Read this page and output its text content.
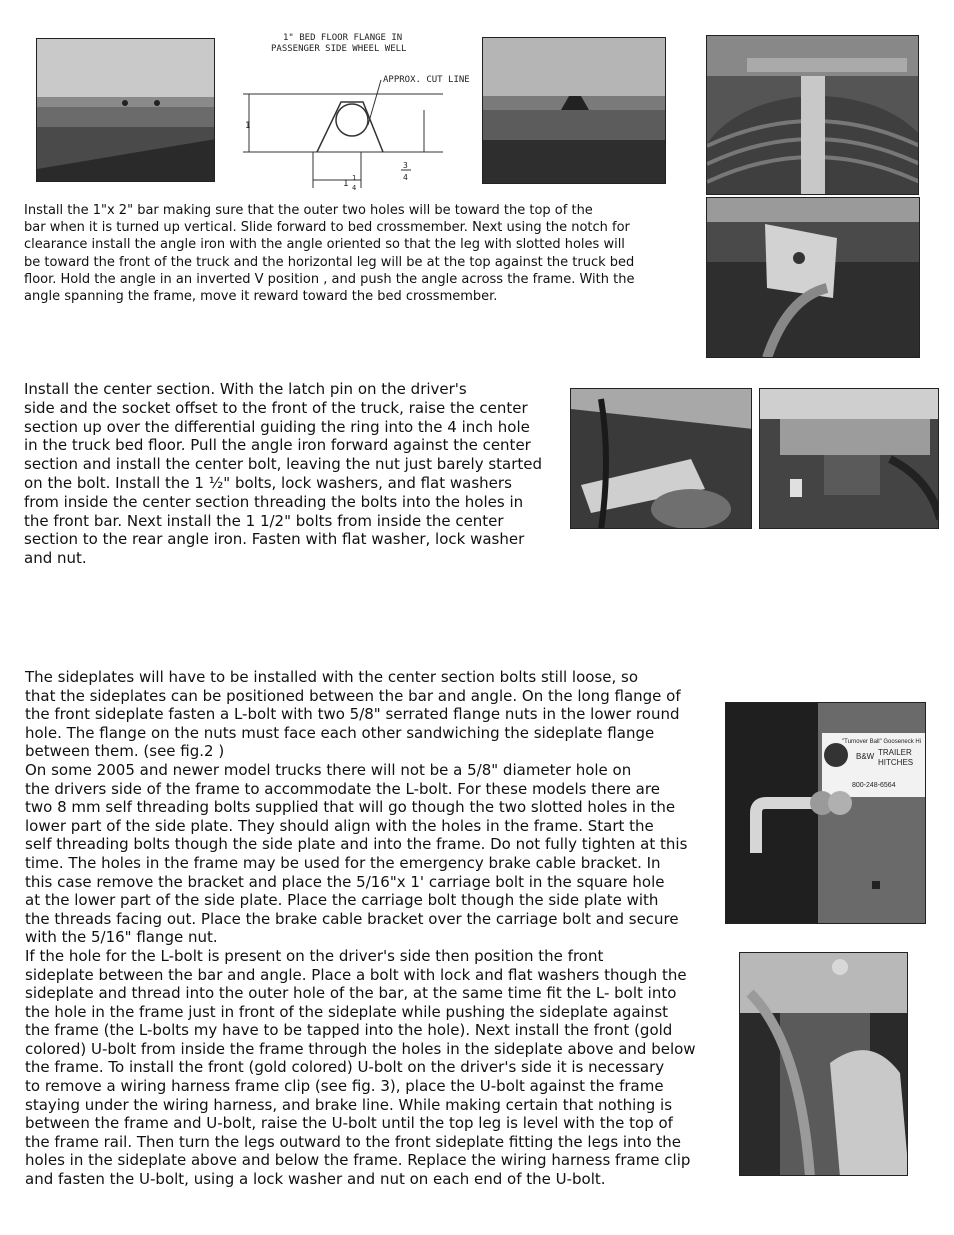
1" BED FLOOR FLANGE IN
PASSENGER SIDE WHEEL WELL
APPROX. CUT LINE
1
3
4
1
1
4

Install the 1"x 2" bar making sure that the outer two holes will be toward the top of the
bar when it is turned up vertical. Slide forward to bed crossmember. Next using the notch for
clearance install the angle iron with the angle oriented so that the leg with slotted holes will
be toward the front of the truck and the horizontal leg will be at the top against the truck bed
floor. Hold the angle in an inverted V position , and push the angle across the frame. With the
angle spanning the frame, move it reward toward the bed crossmember.

Install the center section. With the latch pin on the driver's
side and the socket offset to the front of the truck, raise the center
section up over the differential guiding the ring into the 4 inch hole
in the truck bed floor. Pull the angle iron forward against the center
section and install the center bolt, leaving the nut just barely started
on the bolt. Install the 1 ½" bolts, lock washers, and flat washers
from inside the center section threading the bolts into the holes in
the front bar. Next install the 1 1/2" bolts from inside the center
section to the rear angle iron. Fasten with flat washer, lock washer
and nut.

"Turnover Ball" Gooseneck Hi
B&W TRAILER
HITCHES
800-248-6564

The sideplates will have to be installed with the center section bolts still loose, so
that the sideplates can be positioned between the bar and angle. On the long flange of
the front sideplate fasten a L-bolt with two 5/8" serrated flange nuts in the lower round
hole. The flange on the nuts must face each other sandwiching the sideplate flange
between them. (see fig.2 )
On some 2005 and newer model trucks there will not be a 5/8" diameter hole on
the drivers side of the frame to accommodate the L-bolt. For these models there are
two 8 mm self threading bolts supplied that will go though the two slotted holes in the
lower part of the side plate. They should align with the holes in the frame. Start the
self threading bolts though the side plate and into the frame. Do not fully tighten at this
time. The holes in the frame may be used for the emergency brake cable bracket. In
this case remove the bracket and place the 5/16"x 1' carriage bolt in the square hole
at the lower part of the side plate. Place the carriage bolt though the side plate with
the threads facing out. Place the brake cable bracket over the carriage bolt and secure
with the 5/16" flange nut.
If the hole for the L-bolt is present on the driver's side then position the front
sideplate between the bar and angle. Place a bolt with lock and flat washers though the
sideplate and thread into the outer hole of the bar, at the same time fit the L- bolt into
the hole in the frame just in front of the sideplate while pushing the sideplate against
the frame (the L-bolts my have to be tapped into the hole). Next install the front (gold
colored) U-bolt from inside the frame through the holes in the sideplate above and below
the frame. To install the front (gold colored) U-bolt on the driver's side it is necessary
to remove a wiring harness frame clip (see fig. 3), place the U-bolt against the frame
staying under the wiring harness, and brake line. While making certain that nothing is
between the frame and U-bolt, raise the U-bolt until the top leg is level with the top of
the frame rail. Then turn the legs outward to the front sideplate fitting the legs into the
holes in the sideplate above and below the frame. Replace the wiring harness frame clip
and fasten the U-bolt, using a lock washer and nut on each end of the U-bolt.
